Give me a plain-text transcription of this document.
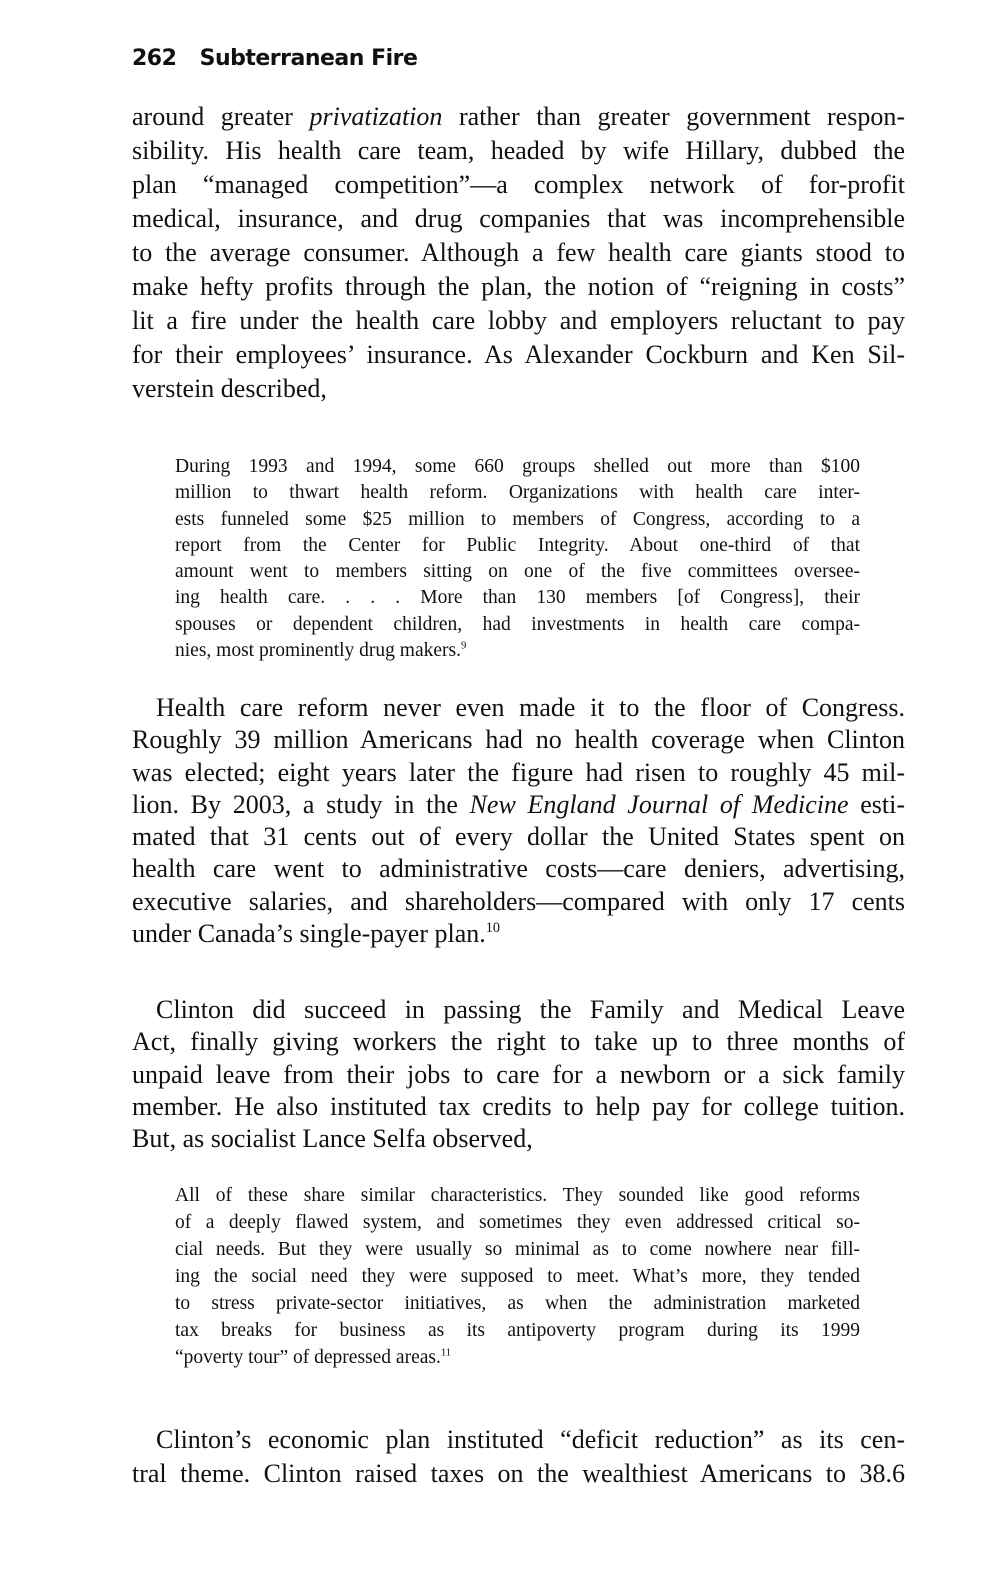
262 Subterranean Fire
around greater privatization rather than greater government respon-
sibility. His health care team, headed by wife Hillary, dubbed the
plan “managed competition”—a complex network of for-profit
medical, insurance, and drug companies that was incomprehensible
to the average consumer. Although a few health care giants stood to
make hefty profits through the plan, the notion of “reigning in costs”
lit a fire under the health care lobby and employers reluctant to pay
for their employees’ insurance. As Alexander Cockburn and Ken Sil-
verstein described,
During 1993 and 1994, some 660 groups shelled out more than $100
million to thwart health reform. Organizations with health care inter-
ests funneled some $25 million to members of Congress, according to a
report from the Center for Public Integrity. About one-third of that
amount went to members sitting on one of the five committees oversee-
ing health care. . . . More than 130 members [of Congress], their
spouses or dependent children, had investments in health care compa-
nies, most prominently drug makers.$^9$
Health care reform never even made it to the floor of Congress.
Roughly 39 million Americans had no health coverage when Clinton
was elected; eight years later the figure had risen to roughly 45 mil-
lion. By 2003, a study in the New England Journal of Medicine esti-
mated that 31 cents out of every dollar the United States spent on
health care went to administrative costs—care deniers, advertising,
executive salaries, and shareholders—compared with only 17 cents
under Canada’s single-payer plan.$^{10}$
Clinton did succeed in passing the Family and Medical Leave
Act, finally giving workers the right to take up to three months of
unpaid leave from their jobs to care for a newborn or a sick family
member. He also instituted tax credits to help pay for college tuition.
But, as socialist Lance Selfa observed,
All of these share similar characteristics. They sounded like good reforms
of a deeply flawed system, and sometimes they even addressed critical so-
cial needs. But they were usually so minimal as to come nowhere near fill-
ing the social need they were supposed to meet. What’s more, they tended
to stress private-sector initiatives, as when the administration marketed
tax breaks for business as its antipoverty program during its 1999
“poverty tour” of depressed areas.$^{11}$
Clinton’s economic plan instituted “deficit reduction” as its cen-
tral theme. Clinton raised taxes on the wealthiest Americans to 38.6
